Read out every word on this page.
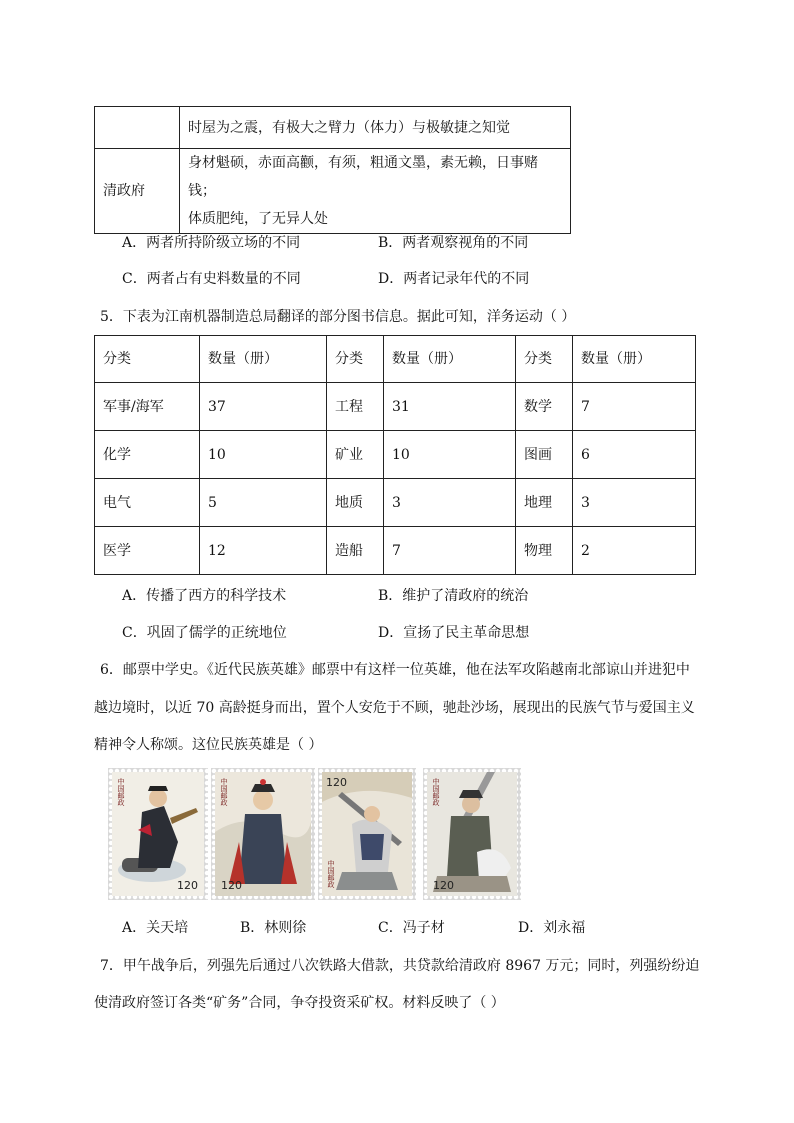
	时屋为之震，有极大之臂力（体力）与极敏捷之知觉
清政府	身材魁硕，赤面高颧，有须，粗通文墨，素无赖，日事赌钱；
体质肥纯，了无异人处
A．两者所持阶级立场的不同	B．两者观察视角的不同
C．两者占有史料数量的不同	D．两者记录年代的不同
5．下表为江南机器制造总局翻译的部分图书信息。据此可知，洋务运动（ ）
分类	数量（册）	分类	数量（册）	分类	数量（册）
军事/海军	37	工程	31	数学	7
化学	10	矿业	10	图画	6
电气	5	地质	3	地理	3
医学	12	造船	7	物理	2
A．传播了西方的科学技术	B．维护了清政府的统治
C．巩固了儒学的正统地位	D．宣扬了民主革命思想
6．邮票中学史。《近代民族英雄》邮票中有这样一位英雄，他在法军攻陷越南北部谅山并进犯中
越边境时，以近 70 高龄挺身而出，置个人安危于不顾，驰赴沙场，展现出的民族气节与爱国主义
精神令人称颂。这位民族英雄是（ ）
中国邮政
120
中国邮政
120
120
中国邮政
中国邮政
120
A．关天培	B．林则徐	C．冯子材	D．刘永福
7．甲午战争后，列强先后通过八次铁路大借款，共贷款给清政府 8967 万元；同时，列强纷纷迫
使清政府签订各类“矿务”合同，争夺投资采矿权。材料反映了（ ）
